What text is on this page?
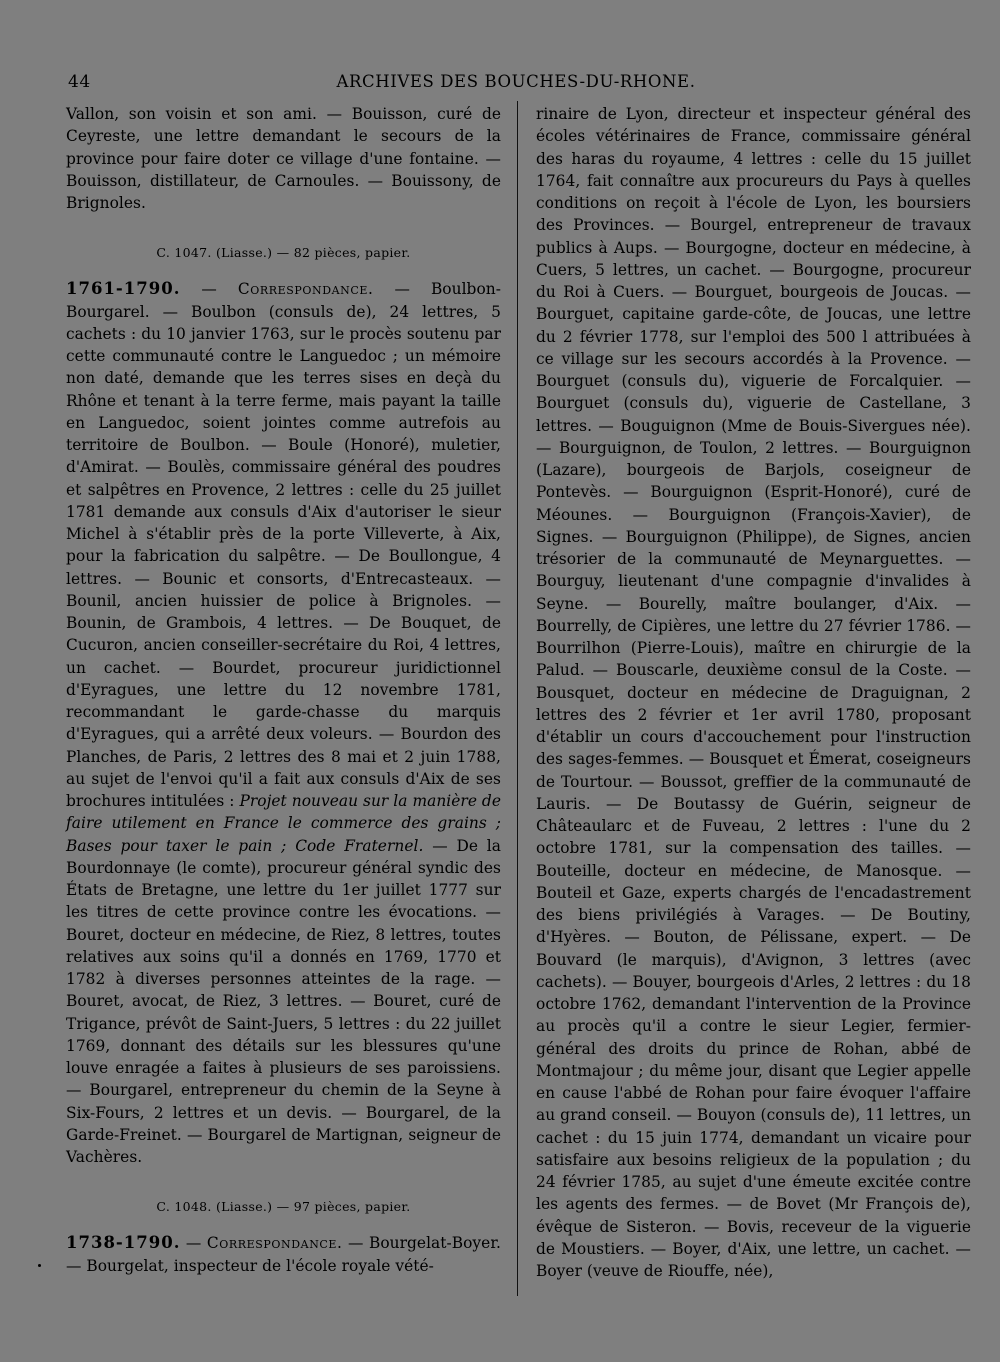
44	ARCHIVES DES BOUCHES-DU-RHONE.

Vallon, son voisin et son ami. — Bouisson, curé de Ceyreste, une lettre demandant le secours de la province pour faire doter ce village d'une fontaine. — Bouisson, distillateur, de Carnoules. — Bouissony, de Brignoles.

C. 1047. (Liasse.) — 82 pièces, papier.

1761-1790. — Correspondance. — Boulbon-Bourgarel. — Boulbon (consuls de), 24 lettres, 5 cachets : du 10 janvier 1763, sur le procès soutenu par cette communauté contre le Languedoc ; un mémoire non daté, demande que les terres sises en deçà du Rhône et tenant à la terre ferme, mais payant la taille en Languedoc, soient jointes comme autrefois au territoire de Boulbon. — Boule (Honoré), muletier, d'Amirat. — Boulès, commissaire général des poudres et salpêtres en Provence, 2 lettres : celle du 25 juillet 1781 demande aux consuls d'Aix d'autoriser le sieur Michel à s'établir près de la porte Villeverte, à Aix, pour la fabrication du salpêtre. — De Boullongue, 4 lettres. — Bounic et consorts, d'Entrecasteaux. — Bounil, ancien huissier de police à Brignoles. — Bounin, de Grambois, 4 lettres. — De Bouquet, de Cucuron, ancien conseiller-secrétaire du Roi, 4 lettres, un cachet. — Bourdet, procureur juridictionnel d'Eyragues, une lettre du 12 novembre 1781, recommandant le garde-chasse du marquis d'Eyragues, qui a arrêté deux voleurs. — Bourdon des Planches, de Paris, 2 lettres des 8 mai et 2 juin 1788, au sujet de l'envoi qu'il a fait aux consuls d'Aix de ses brochures intitulées : Projet nouveau sur la manière de faire utilement en France le commerce des grains ; Bases pour taxer le pain ; Code Fraternel. — De la Bourdonnaye (le comte), procureur général syndic des États de Bretagne, une lettre du 1er juillet 1777 sur les titres de cette province contre les évocations. — Bouret, docteur en médecine, de Riez, 8 lettres, toutes relatives aux soins qu'il a donnés en 1769, 1770 et 1782 à diverses personnes atteintes de la rage. — Bouret, avocat, de Riez, 3 lettres. — Bouret, curé de Trigance, prévôt de Saint-Juers, 5 lettres : du 22 juillet 1769, donnant des détails sur les blessures qu'une louve enragée a faites à plusieurs de ses paroissiens. — Bourgarel, entrepreneur du chemin de la Seyne à Six-Fours, 2 lettres et un devis. — Bourgarel, de la Garde-Freinet. — Bourgarel de Martignan, seigneur de Vachères.

C. 1048. (Liasse.) — 97 pièces, papier.

1738-1790. — Correspondance. — Bourgelat-Boyer. — Bourgelat, inspecteur de l'école royale vété-

rinaire de Lyon, directeur et inspecteur général des écoles vétérinaires de France, commissaire général des haras du royaume, 4 lettres : celle du 15 juillet 1764, fait connaître aux procureurs du Pays à quelles conditions on reçoit à l'école de Lyon, les boursiers des Provinces. — Bourgel, entrepreneur de travaux publics à Aups. — Bourgogne, docteur en médecine, à Cuers, 5 lettres, un cachet. — Bourgogne, procureur du Roi à Cuers. — Bourguet, bourgeois de Joucas. — Bourguet, capitaine garde-côte, de Joucas, une lettre du 2 février 1778, sur l'emploi des 500 l attribuées à ce village sur les secours accordés à la Provence. — Bourguet (consuls du), viguerie de Forcalquier. — Bourguet (consuls du), viguerie de Castellane, 3 lettres. — Bouguignon (Mme de Bouis-Sivergues née). — Bourguignon, de Toulon, 2 lettres. — Bourguignon (Lazare), bourgeois de Barjols, coseigneur de Pontevès. — Bourguignon (Esprit-Honoré), curé de Méounes. — Bourguignon (François-Xavier), de Signes. — Bourguignon (Philippe), de Signes, ancien trésorier de la communauté de Meynarguettes. — Bourguy, lieutenant d'une compagnie d'invalides à Seyne. — Bourelly, maître boulanger, d'Aix. — Bourrelly, de Cipières, une lettre du 27 février 1786. — Bourrilhon (Pierre-Louis), maître en chirurgie de la Palud. — Bouscarle, deuxième consul de la Coste. — Bousquet, docteur en médecine de Draguignan, 2 lettres des 2 février et 1er avril 1780, proposant d'établir un cours d'accouchement pour l'instruction des sages-femmes. — Bousquet et Émerat, coseigneurs de Tourtour. — Boussot, greffier de la communauté de Lauris. — De Boutassy de Guérin, seigneur de Châteaularc et de Fuveau, 2 lettres : l'une du 2 octobre 1781, sur la compensation des tailles. — Bouteille, docteur en médecine, de Manosque. — Bouteil et Gaze, experts chargés de l'encadastrement des biens privilégiés à Varages. — De Boutiny, d'Hyères. — Bouton, de Pélissane, expert. — De Bouvard (le marquis), d'Avignon, 3 lettres (avec cachets). — Bouyer, bourgeois d'Arles, 2 lettres : du 18 octobre 1762, demandant l'intervention de la Province au procès qu'il a contre le sieur Legier, fermier-général des droits du prince de Rohan, abbé de Montmajour ; du même jour, disant que Legier appelle en cause l'abbé de Rohan pour faire évoquer l'affaire au grand conseil. — Bouyon (consuls de), 11 lettres, un cachet : du 15 juin 1774, demandant un vicaire pour satisfaire aux besoins religieux de la population ; du 24 février 1785, au sujet d'une émeute excitée contre les agents des fermes. — de Bovet (Mr François de), évêque de Sisteron. — Bovis, receveur de la viguerie de Moustiers. — Boyer, d'Aix, une lettre, un cachet. — Boyer (veuve de Riouffe, née),
